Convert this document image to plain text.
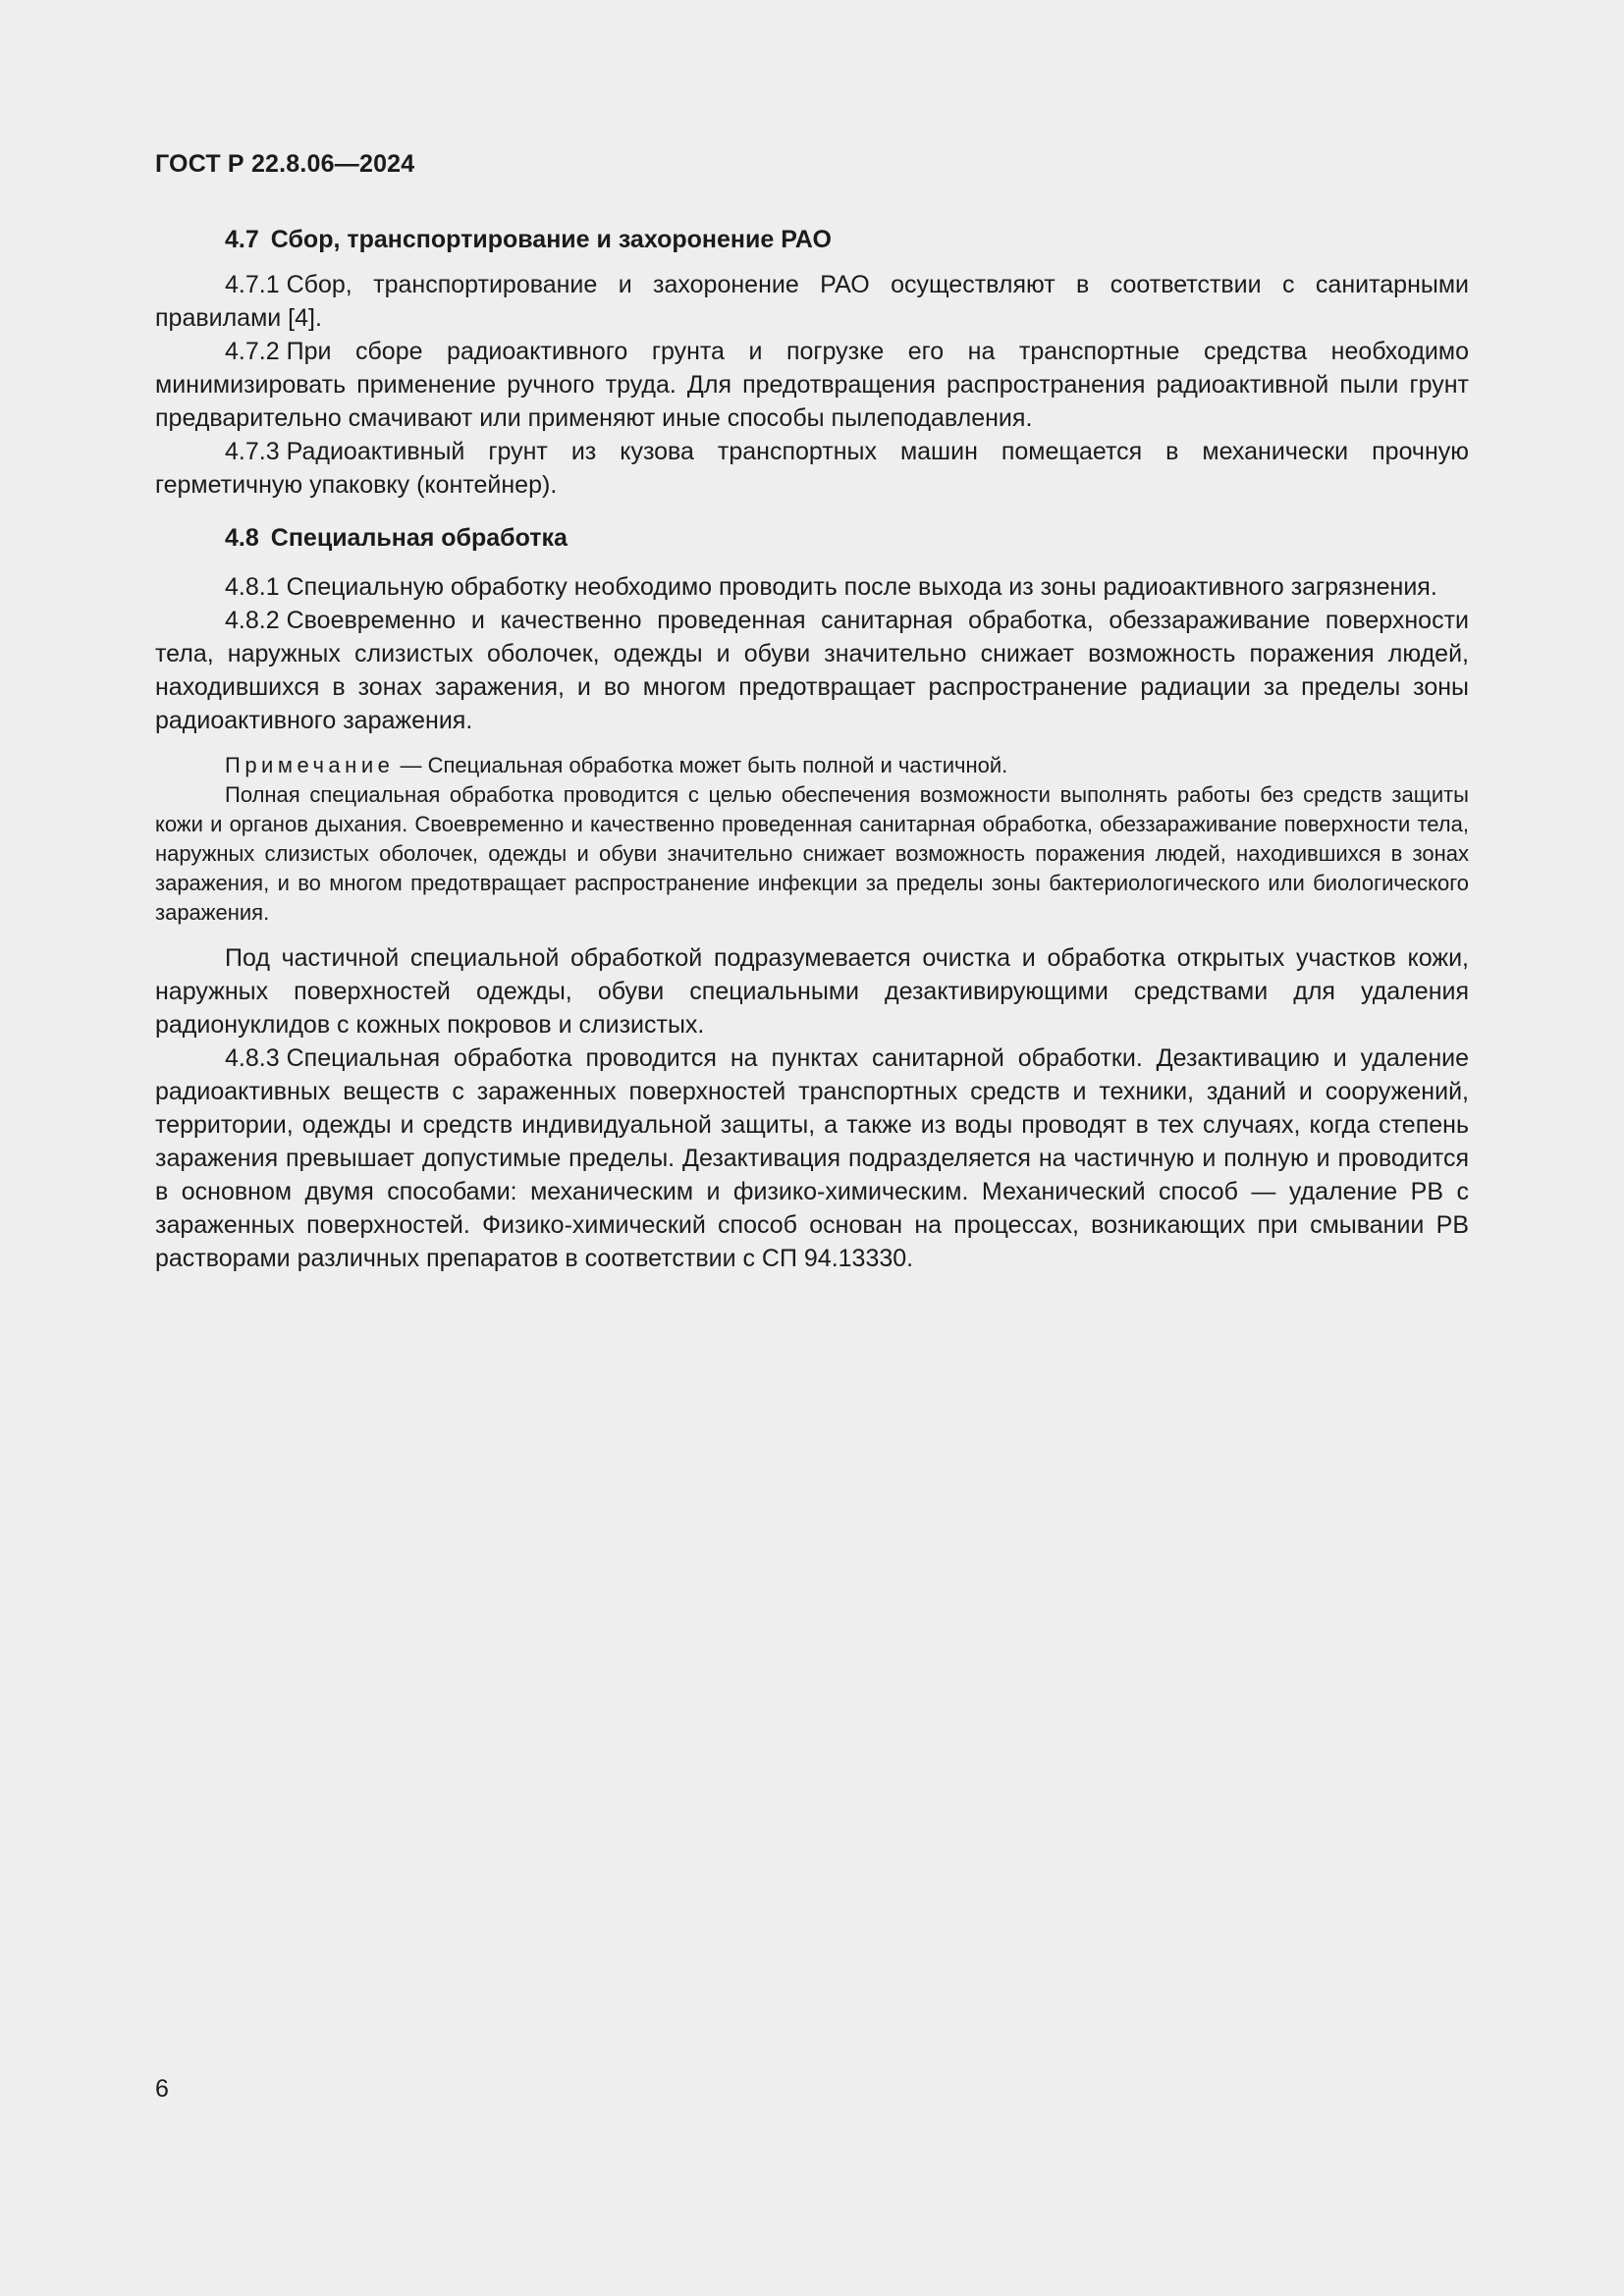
ГОСТ Р 22.8.06—2024
4.7 Сбор, транспортирование и захоронение РАО

4.7.1 Сбор, транспортирование и захоронение РАО осуществляют в соответствии с санитарными правилами [4].

4.7.2 При сборе радиоактивного грунта и погрузке его на транспортные средства необходимо минимизировать применение ручного труда. Для предотвращения распространения радиоактивной пыли грунт предварительно смачивают или применяют иные способы пылеподавления.

4.7.3 Радиоактивный грунт из кузова транспортных машин помещается в механически прочную герметичную упаковку (контейнер).

4.8 Специальная обработка

4.8.1 Специальную обработку необходимо проводить после выхода из зоны радиоактивного загрязнения.

4.8.2 Своевременно и качественно проведенная санитарная обработка, обеззараживание поверхности тела, наружных слизистых оболочек, одежды и обуви значительно снижает возможность поражения людей, находившихся в зонах заражения, и во многом предотвращает распространение радиации за пределы зоны радиоактивного заражения.

Примечание — Специальная обработка может быть полной и частичной.

Полная специальная обработка проводится с целью обеспечения возможности выполнять работы без средств защиты кожи и органов дыхания. Своевременно и качественно проведенная санитарная обработка, обеззараживание поверхности тела, наружных слизистых оболочек, одежды и обуви значительно снижает возможность поражения людей, находившихся в зонах заражения, и во многом предотвращает распространение инфекции за пределы зоны бактериологического или биологического заражения.

Под частичной специальной обработкой подразумевается очистка и обработка открытых участков кожи, наружных поверхностей одежды, обуви специальными дезактивирующими средствами для удаления радионуклидов с кожных покровов и слизистых.

4.8.3 Специальная обработка проводится на пунктах санитарной обработки. Дезактивацию и удаление радиоактивных веществ с зараженных поверхностей транспортных средств и техники, зданий и сооружений, территории, одежды и средств индивидуальной защиты, а также из воды проводят в тех случаях, когда степень заражения превышает допустимые пределы. Дезактивация подразделяется на частичную и полную и проводится в основном двумя способами: механическим и физико-химическим. Механический способ — удаление РВ с зараженных поверхностей. Физико-химический способ основан на процессах, возникающих при смывании РВ растворами различных препаратов в соответствии с СП 94.13330.

6
